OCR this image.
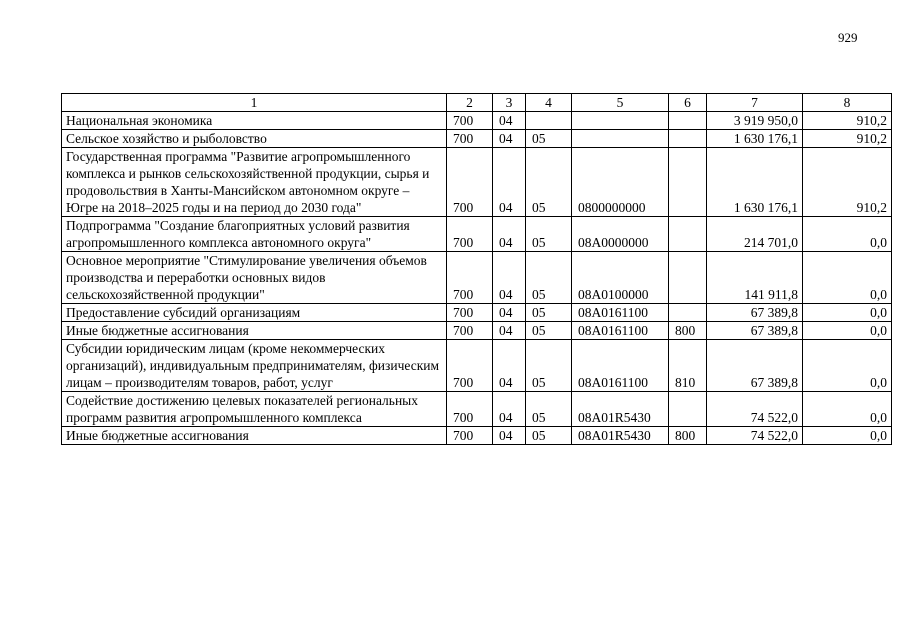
929
1	2	3	4	5	6	7	8
Национальная экономика	700	04				3 919 950,0	910,2
Сельское хозяйство и рыболовство	700	04	05			1 630 176,1	910,2
Государственная программа "Развитие агропромышленного комплекса и рынков сельскохозяйственной продукции, сырья и продовольствия в Ханты-Мансийском автономном округе – Югре на 2018–2025 годы и на период до 2030 года"	700	04	05	0800000000		1 630 176,1	910,2
Подпрограмма "Создание благоприятных условий развития агропромышленного комплекса автономного округа"	700	04	05	08А0000000		214 701,0	0,0
Основное мероприятие "Стимулирование увеличения объемов производства и переработки основных видов сельскохозяйственной продукции"	700	04	05	08А0100000		141 911,8	0,0
Предоставление субсидий организациям	700	04	05	08А0161100		67 389,8	0,0
Иные бюджетные ассигнования	700	04	05	08А0161100	800	67 389,8	0,0
Субсидии юридическим лицам (кроме некоммерческих организаций), индивидуальным предпринимателям, физическим лицам – производителям товаров, работ, услуг	700	04	05	08А0161100	810	67 389,8	0,0
Содействие достижению целевых показателей региональных программ развития агропромышленного комплекса	700	04	05	08А01R5430		74 522,0	0,0
Иные бюджетные ассигнования	700	04	05	08А01R5430	800	74 522,0	0,0
